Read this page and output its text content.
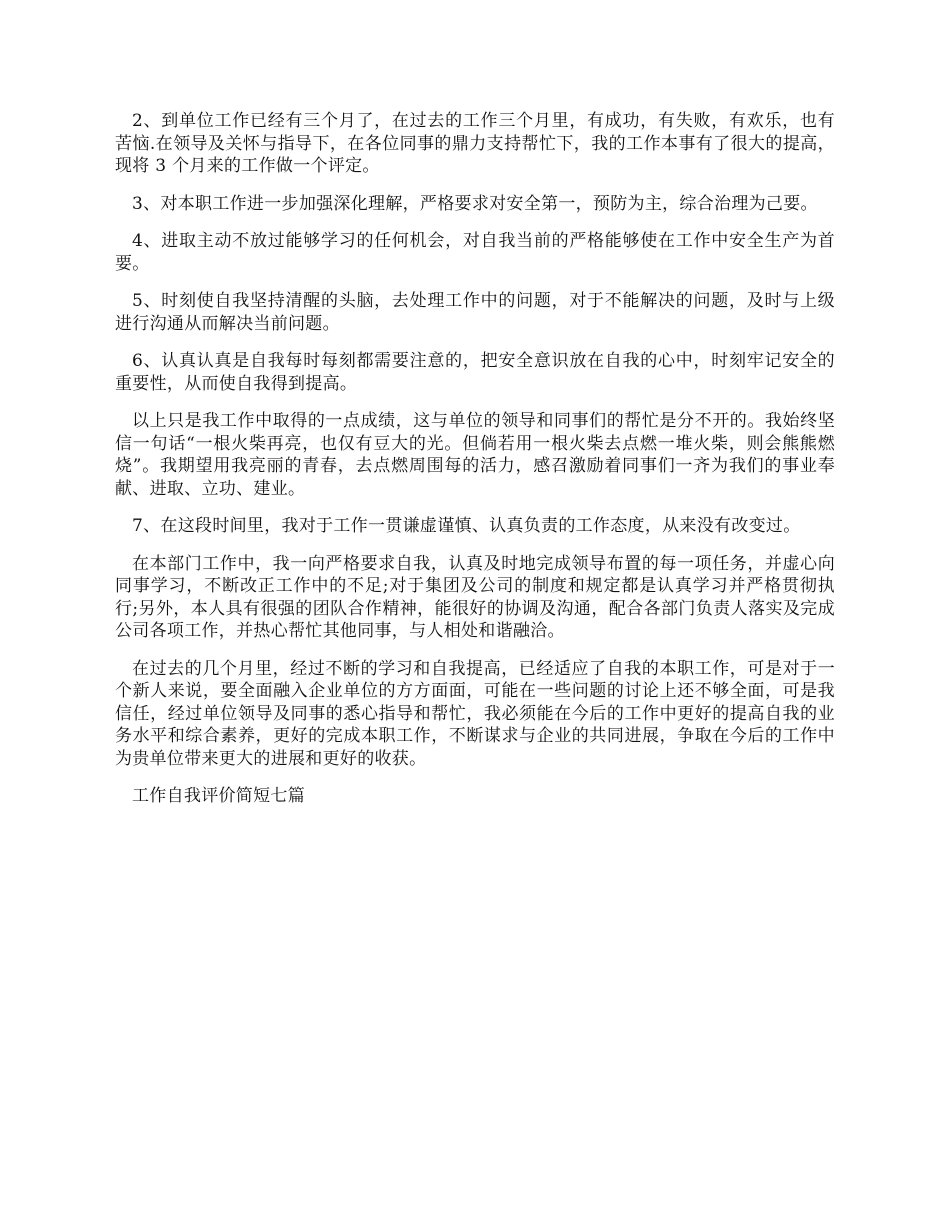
2、到单位工作已经有三个月了，在过去的工作三个月里，有成功，有失败，有欢乐，也有苦恼.在领导及关怀与指导下，在各位同事的鼎力支持帮忙下，我的工作本事有了很大的提高，现将 3 个月来的工作做一个评定。

3、对本职工作进一步加强深化理解，严格要求对安全第一，预防为主，综合治理为己要。

4、进取主动不放过能够学习的任何机会，对自我当前的严格能够使在工作中安全生产为首要。

5、时刻使自我坚持清醒的头脑，去处理工作中的问题，对于不能解决的问题，及时与上级进行沟通从而解决当前问题。

6、认真认真是自我每时每刻都需要注意的，把安全意识放在自我的心中，时刻牢记安全的重要性，从而使自我得到提高。

以上只是我工作中取得的一点成绩，这与单位的领导和同事们的帮忙是分不开的。我始终坚信一句话“一根火柴再亮，也仅有豆大的光。但倘若用一根火柴去点燃一堆火柴，则会熊熊燃烧”。我期望用我亮丽的青春，去点燃周围每的活力，感召激励着同事们一齐为我们的事业奉献、进取、立功、建业。

7、在这段时间里，我对于工作一贯谦虚谨慎、认真负责的工作态度，从来没有改变过。

在本部门工作中，我一向严格要求自我，认真及时地完成领导布置的每一项任务，并虚心向同事学习，不断改正工作中的不足;对于集团及公司的制度和规定都是认真学习并严格贯彻执行;另外，本人具有很强的团队合作精神，能很好的协调及沟通，配合各部门负责人落实及完成公司各项工作，并热心帮忙其他同事，与人相处和谐融洽。

在过去的几个月里，经过不断的学习和自我提高，已经适应了自我的本职工作，可是对于一个新人来说，要全面融入企业单位的方方面面，可能在一些问题的讨论上还不够全面，可是我信任，经过单位领导及同事的悉心指导和帮忙，我必须能在今后的工作中更好的提高自我的业务水平和综合素养，更好的完成本职工作，不断谋求与企业的共同进展，争取在今后的工作中为贵单位带来更大的进展和更好的收获。

工作自我评价简短七篇
